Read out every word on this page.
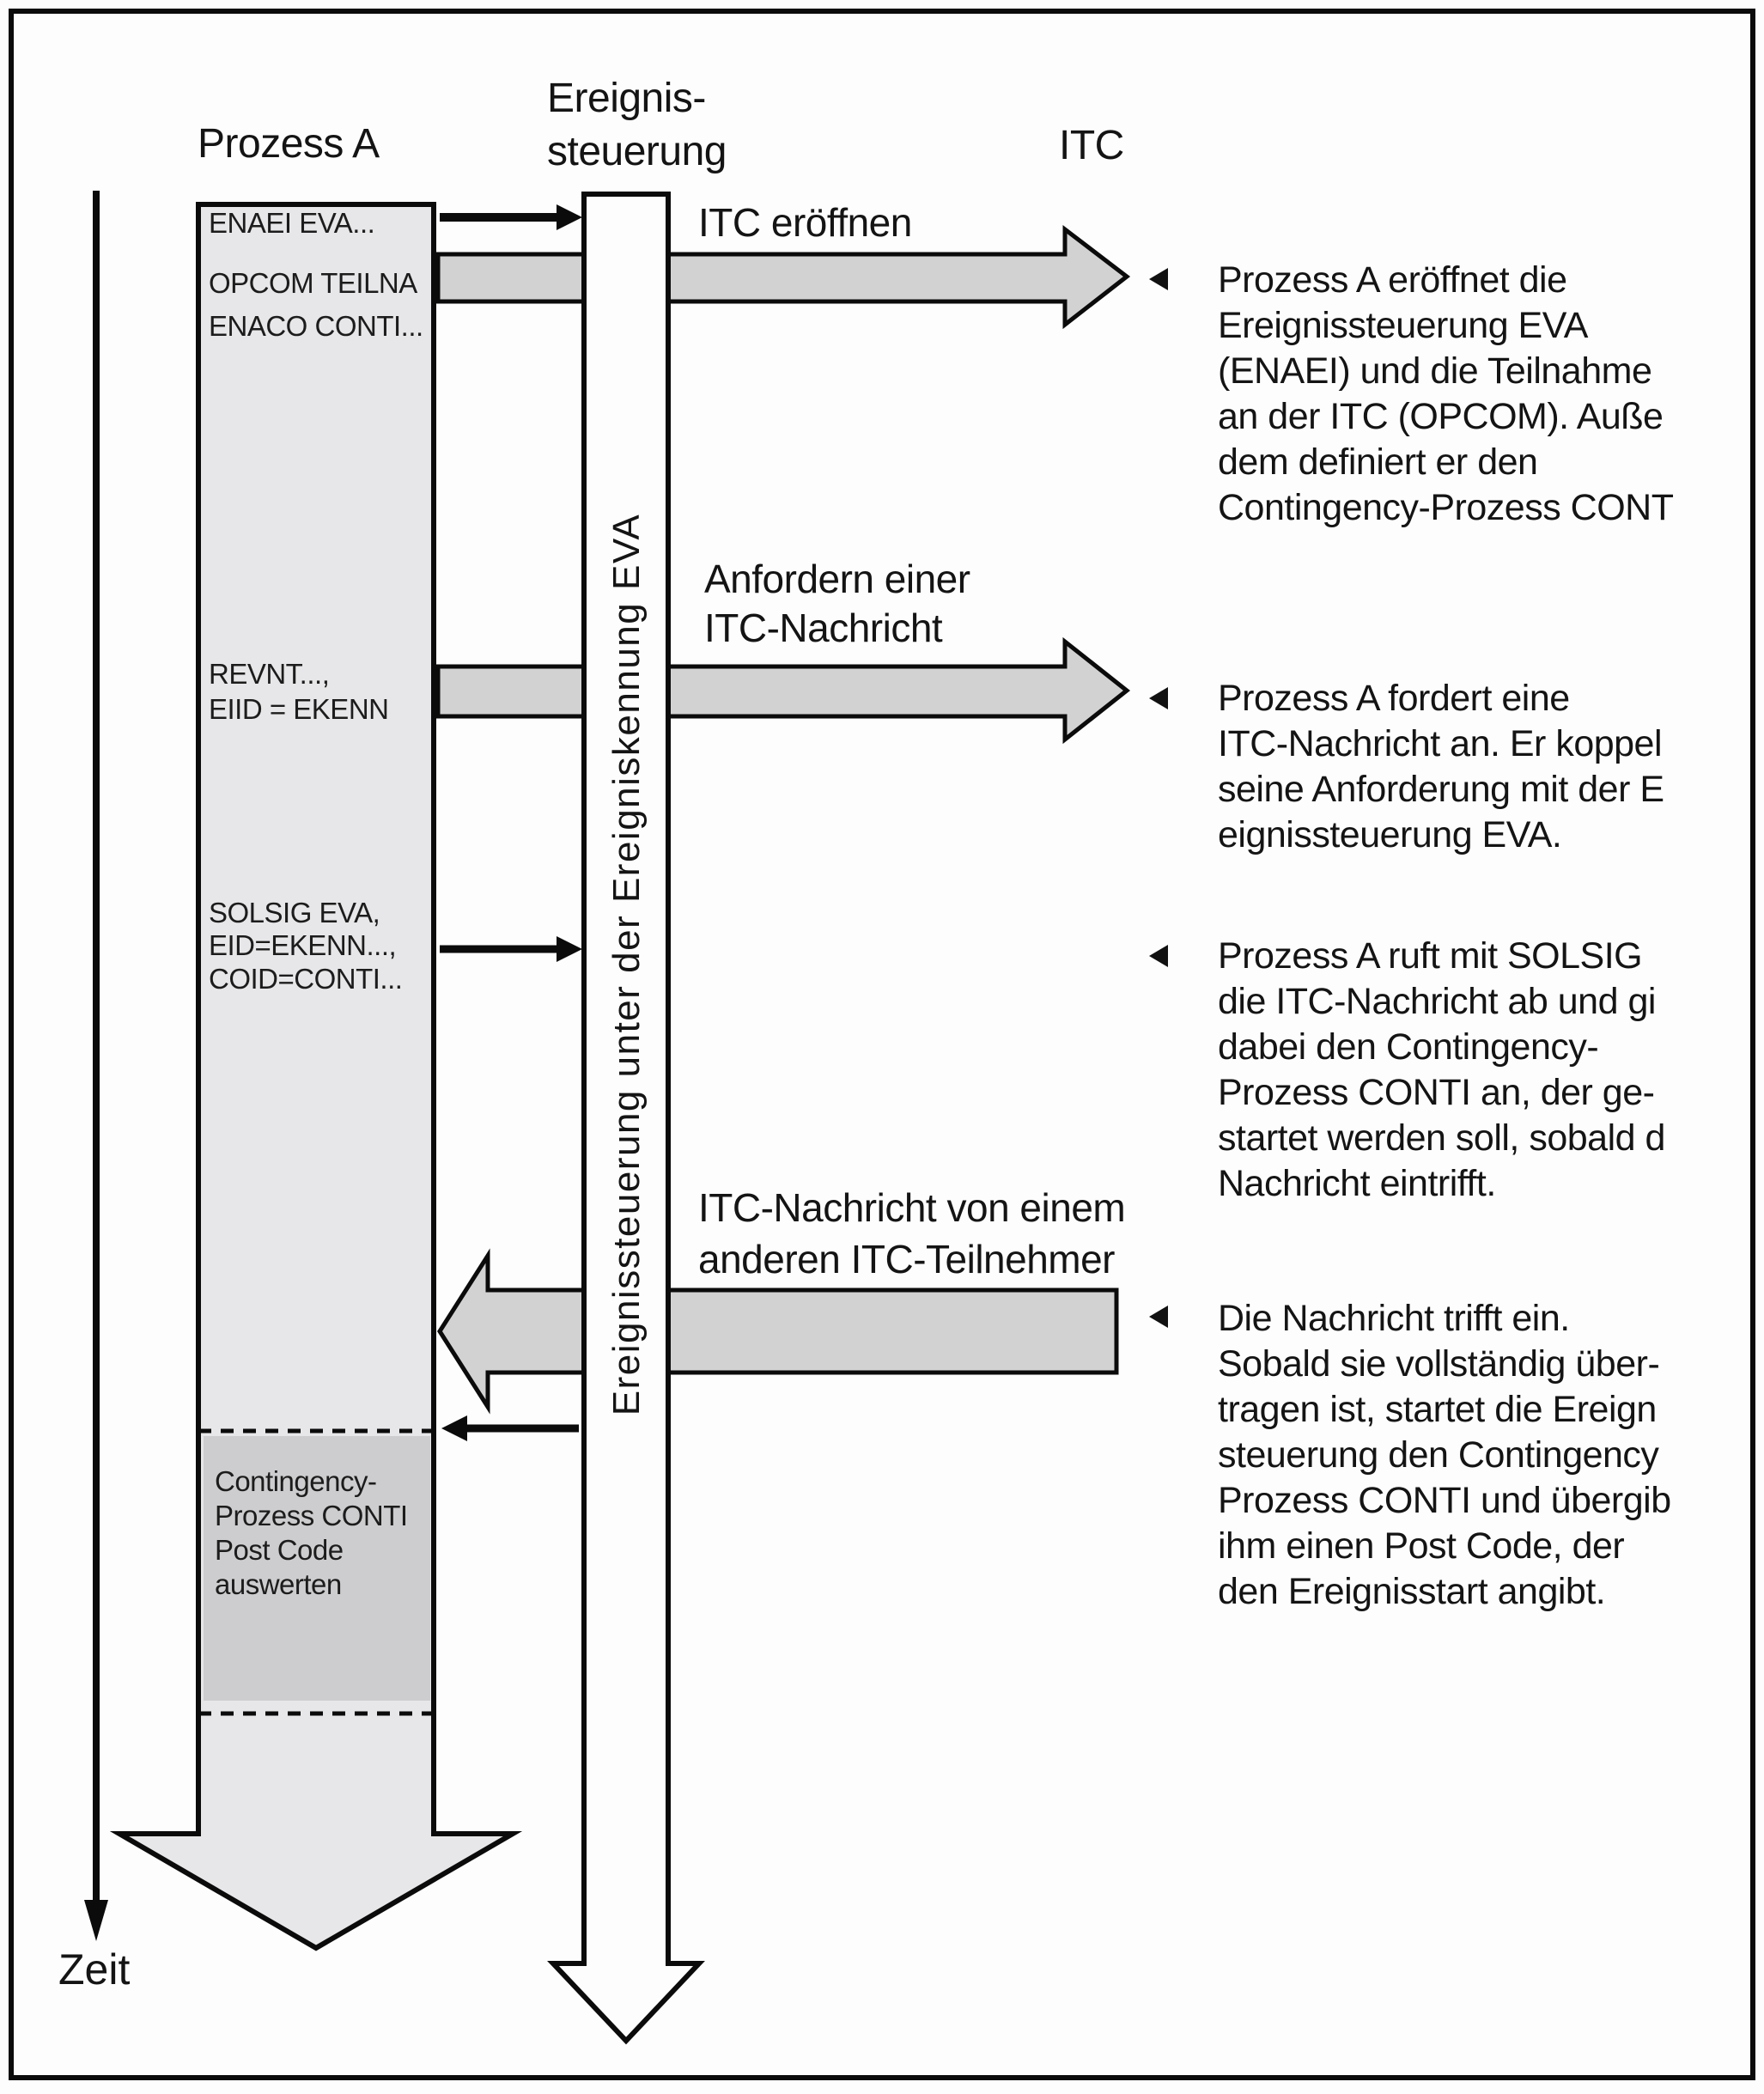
Prozess A
Ereignis-
steuerung	ITC
Ereignissteuerung unter der Ereigniskennung EVA
ENAEI EVA...
OPCOM TEILNA
ENACO CONTI...
REVNT...,
EIID = EKENN
SOLSIG EVA,
EID=EKENN...,
COID=CONTI...
Contingency-
Prozess CONTI
Post Code
auswerten
ITC eröffnen
Anfordern einer
ITC-Nachricht
ITC-Nachricht von einem
anderen ITC-Teilnehmer
Prozess A eröffnet die
Ereignissteuerung EVA
(ENAEI) und die Teilnahme
an der ITC (OPCOM). Auße
dem definiert er den
Contingency-Prozess CONT
Prozess A fordert eine
ITC-Nachricht an. Er koppel
seine Anforderung mit der E
eignissteuerung EVA.
Prozess A ruft mit SOLSIG
die ITC-Nachricht ab und gi
dabei den Contingency-
Prozess CONTI an, der ge-
startet werden soll, sobald d
Nachricht eintrifft.
Die Nachricht trifft ein.
Sobald sie vollständig über-
tragen ist, startet die Ereign
steuerung den Contingency
Prozess CONTI und übergib
ihm einen Post Code, der
den Ereignisstart angibt.
Zeit
